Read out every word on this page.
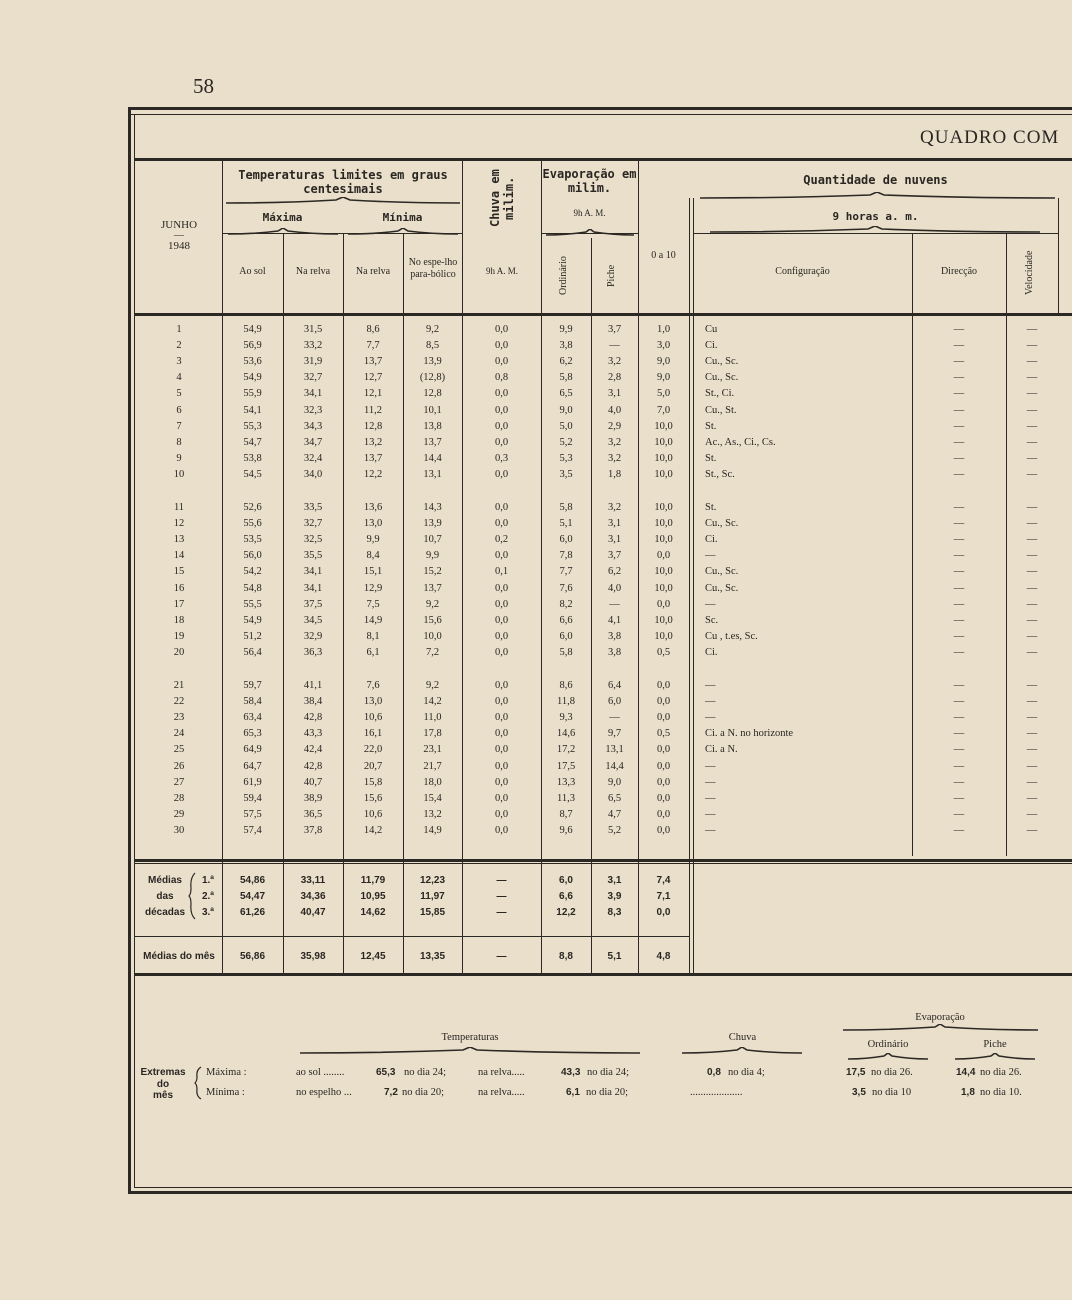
58
QUADRO COM
JUNHO
—
1948
Temperaturas limites em graus centesimais
Máxima	Mínima
Ao sol	Na relva	Na relva
No espe-lho para-bólico
Chuva em milim.
9h A. M.
Evaporação em milim.
9h A. M.
Ordinário	Piche
Quantidade de nuvens
0 a 10
9 horas a. m.
Configuração	Direcção	Velocidade
1	54,9	31,5	8,6	9,2	0,0	9,9	3,7	1,0	Cu	—	—
2	56,9	33,2	7,7	8,5	0,0	3,8	—	3,0	Ci.	—	—
3	53,6	31,9	13,7	13,9	0,0	6,2	3,2	9,0	Cu., Sc.	—	—
4	54,9	32,7	12,7	(12,8)	0,8	5,8	2,8	9,0	Cu., Sc.	—	—
5	55,9	34,1	12,1	12,8	0,0	6,5	3,1	5,0	St., Ci.	—	—
6	54,1	32,3	11,2	10,1	0,0	9,0	4,0	7,0	Cu., St.	—	—
7	55,3	34,3	12,8	13,8	0,0	5,0	2,9	10,0	St.	—	—
8	54,7	34,7	13,2	13,7	0,0	5,2	3,2	10,0	Ac., As., Ci., Cs.	—	—
9	53,8	32,4	13,7	14,4	0,3	5,3	3,2	10,0	St.	—	—
10	54,5	34,0	12,2	13,1	0,0	3,5	1,8	10,0	St., Sc.	—	—
11	52,6	33,5	13,6	14,3	0,0	5,8	3,2	10,0	St.	—	—
12	55,6	32,7	13,0	13,9	0,0	5,1	3,1	10,0	Cu., Sc.	—	—
13	53,5	32,5	9,9	10,7	0,2	6,0	3,1	10,0	Ci.	—	—
14	56,0	35,5	8,4	9,9	0,0	7,8	3,7	0,0	—	—	—
15	54,2	34,1	15,1	15,2	0,1	7,7	6,2	10,0	Cu., Sc.	—	—
16	54,8	34,1	12,9	13,7	0,0	7,6	4,0	10,0	Cu., Sc.	—	—
17	55,5	37,5	7,5	9,2	0,0	8,2	—	0,0	—	—	—
18	54,9	34,5	14,9	15,6	0,0	6,6	4,1	10,0	Sc.	—	—
19	51,2	32,9	8,1	10,0	0,0	6,0	3,8	10,0	Cu , t.es, Sc.	—	—
20	56,4	36,3	6,1	7,2	0,0	5,8	3,8	0,5	Ci.	—	—
21	59,7	41,1	7,6	9,2	0,0	8,6	6,4	0,0	—	—	—
22	58,4	38,4	13,0	14,2	0,0	11,8	6,0	0,0	—	—	—
23	63,4	42,8	10,6	11,0	0,0	9,3	—	0,0	—	—	—
24	65,3	43,3	16,1	17,8	0,0	14,6	9,7	0,5	Ci. a N. no horizonte	—	—
25	64,9	42,4	22,0	23,1	0,0	17,2	13,1	0,0	Ci. a N.	—	—
26	64,7	42,8	20,7	21,7	0,0	17,5	14,4	0,0	—	—	—
27	61,9	40,7	15,8	18,0	0,0	13,3	9,0	0,0	—	—	—
28	59,4	38,9	15,6	15,4	0,0	11,3	6,5	0,0	—	—	—
29	57,5	36,5	10,6	13,2	0,0	8,7	4,7	0,0	—	—	—
30	57,4	37,8	14,2	14,9	0,0	9,6	5,2	0,0	—	—	—
—	—	—	—	—	—	—	—	—	—	—	—
Médias
das
décadas
1.ª	54,86	33,11	11,79	12,23	—	6,0	3,1	7,4
2.ª	54,47	34,36	10,95	11,97	—	6,6	3,9	7,1
3.ª	61,26	40,47	14,62	15,85	—	12,2	8,3	0,0
Médias do mês	56,86	35,98	12,45	13,35	—	8,8	5,1	4,8
Temperaturas	Chuva
Evaporação
Ordinário	Piche
Extremas
do
mês
Máxima :
Mínima :
ao sol ........	65,3 no dia 24;	na relva.....	43,3 no dia 24;	0,8 no dia 4;	17,5 no dia 26.	14,4 no dia 26.
no espelho ...	7,2 no dia 20;	na relva.....	6,1 no dia 20;	....................	3,5 no dia 10	1,8 no dia 10.
